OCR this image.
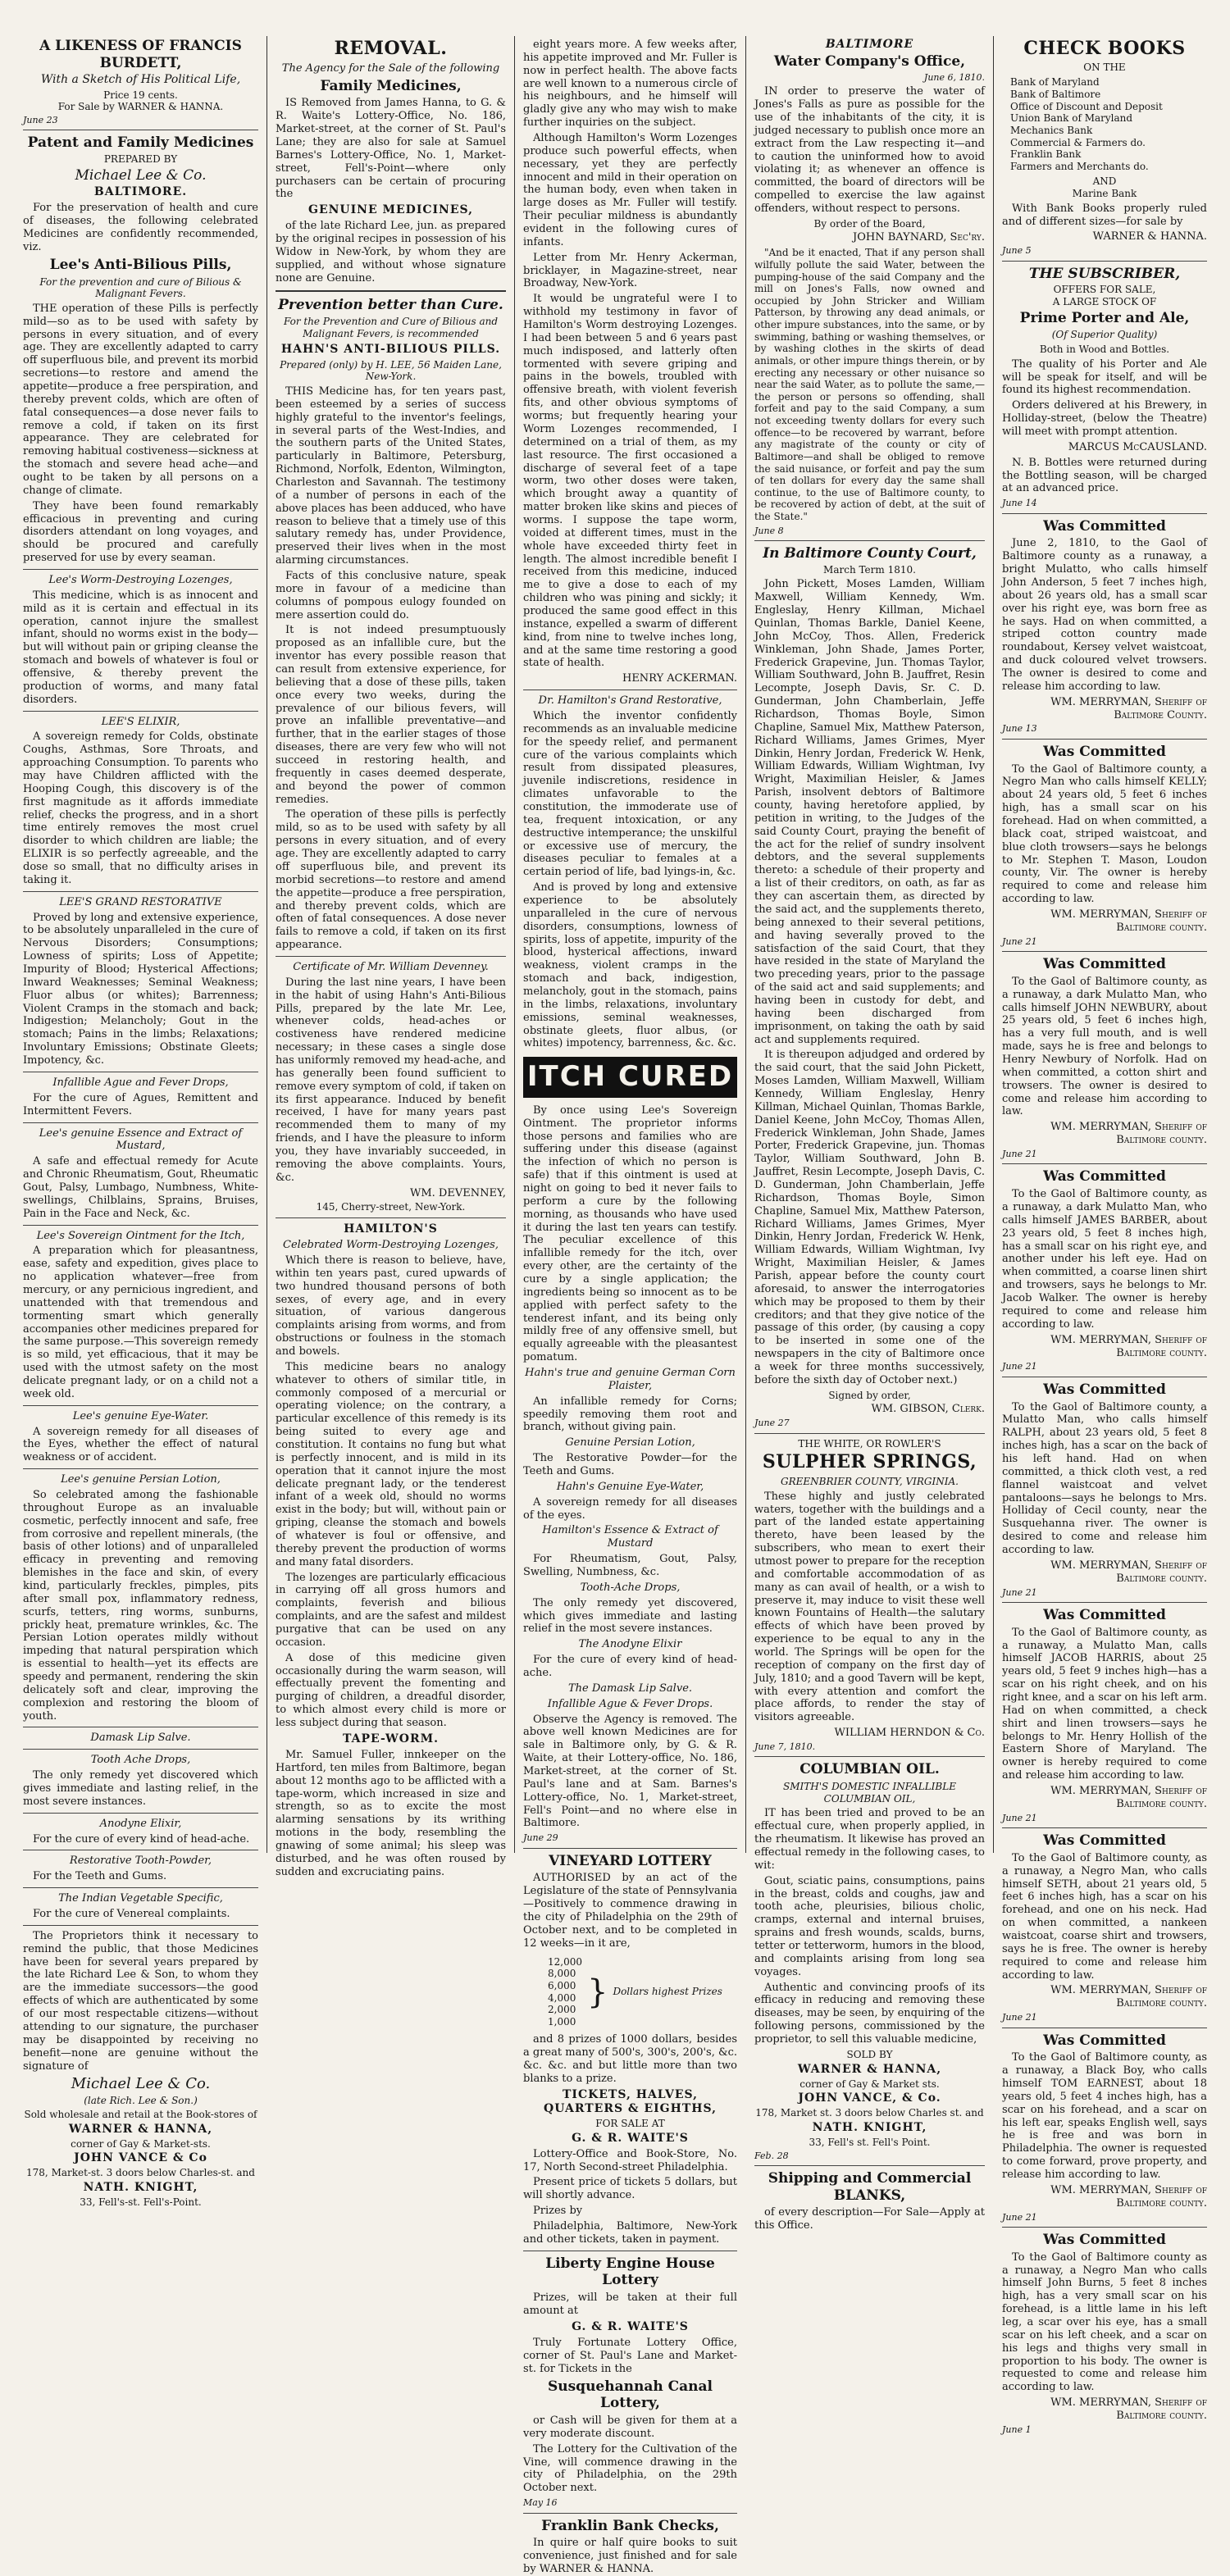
A LIKENESS OF FRANCIS BURDETT,
With a Sketch of His Political Life,
Price 19 cents.
For Sale by WARNER & HANNA.
June 23
Patent and Family Medicines
PREPARED BY
Michael Lee & Co.
BALTIMORE.

For the preservation of health and cure of diseases, the following celebrated Medicines are confidently recommended, viz.

Lee's Anti-Bilious Pills,
For the prevention and cure of Bilious & Malignant Fevers.

THE operation of these Pills is perfectly mild—so as to be used with safety by persons in every situation, and of every age. They are excellently adapted to carry off superfluous bile, and prevent its morbid secretions—to restore and amend the appetite—produce a free perspiration, and thereby prevent colds, which are often of fatal consequences—a dose never fails to remove a cold, if taken on its first appearance. They are celebrated for removing habitual costiveness—sickness at the stomach and severe head ache—and ought to be taken by all persons on a change of climate.

They have been found remarkably efficacious in preventing and curing disorders attendant on long voyages, and should be procured and carefully preserved for use by every seaman.

Lee's Worm-Destroying Lozenges,

This medicine, which is as innocent and mild as it is certain and effectual in its operation, cannot injure the smallest infant, should no worms exist in the body—but will without pain or griping cleanse the stomach and bowels of whatever is foul or offensive, & thereby prevent the production of worms, and many fatal disorders.

LEE'S ELIXIR,

A sovereign remedy for Colds, obstinate Coughs, Asthmas, Sore Throats, and approaching Consumption. To parents who may have Children afflicted with the Hooping Cough, this discovery is of the first magnitude as it affords immediate relief, checks the progress, and in a short time entirely removes the most cruel disorder to which children are liable; the ELIXIR is so perfectly agreeable, and the dose so small, that no difficulty arises in taking it.

LEE'S GRAND RESTORATIVE

Proved by long and extensive experience, to be absolutely unparalleled in the cure of Nervous Disorders; Consumptions; Lowness of spirits; Loss of Appetite; Impurity of Blood; Hysterical Affections; Inward Weaknesses; Seminal Weakness; Fluor albus (or whites); Barrenness; Violent Cramps in the stomach and back; Indigestion; Melancholy; Gout in the stomach; Pains in the limbs; Relaxations; Involuntary Emissions; Obstinate Gleets; Impotency, &c.

Infallible Ague and Fever Drops,

For the cure of Agues, Remittent and Intermittent Fevers.

Lee's genuine Essence and Extract of Mustard,

A safe and effectual remedy for Acute and Chronic Rheumatism, Gout, Rheumatic Gout, Palsy, Lumbago, Numbness, White-swellings, Chilblains, Sprains, Bruises, Pain in the Face and Neck, &c.

Lee's Sovereign Ointment for the Itch,

A preparation which for pleasantness, ease, safety and expedition, gives place to no application whatever—free from mercury, or any pernicious ingredient, and unattended with that tremendous and tormenting smart which generally accompanies other medicines prepared for the same purpose.—This sovereign remedy is so mild, yet efficacious, that it may be used with the utmost safety on the most delicate pregnant lady, or on a child not a week old.

Lee's genuine Eye-Water.

A sovereign remedy for all diseases of the Eyes, whether the effect of natural weakness or of accident.

Lee's genuine Persian Lotion,

So celebrated among the fashionable throughout Europe as an invaluable cosmetic, perfectly innocent and safe, free from corrosive and repellent minerals, (the basis of other lotions) and of unparalleled efficacy in preventing and removing blemishes in the face and skin, of every kind, particularly freckles, pimples, pits after small pox, inflammatory redness, scurfs, tetters, ring worms, sunburns, prickly heat, premature wrinkles, &c. The Persian Lotion operates mildly without impeding that natural perspiration which is essential to health—yet its effects are speedy and permanent, rendering the skin delicately soft and clear, improving the complexion and restoring the bloom of youth.

Damask Lip Salve.
Tooth Ache Drops,

The only remedy yet discovered which gives immediate and lasting relief, in the most severe instances.

Anodyne Elixir,

For the cure of every kind of head-ache.

Restorative Tooth-Powder,

For the Teeth and Gums.

The Indian Vegetable Specific,

For the cure of Venereal complaints.

The Proprietors think it necessary to remind the public, that those Medicines have been for several years prepared by the late Richard Lee & Son, to whom they are the immediate successors—the good effects of which are authenticated by some of our most respectable citizens—without attending to our signature, the purchaser may be disappointed by receiving no benefit—none are genuine without the signature of

Michael Lee & Co.
(late Rich. Lee & Son.)
Sold wholesale and retail at the Book-stores of
WARNER & HANNA,
corner of Gay & Market-sts.
JOHN VANCE & Co
178, Market-st. 3 doors below Charles-st. and
NATH. KNIGHT,
33, Fell's-st. Fell's-Point.
REMOVAL.
The Agency for the Sale of the following
Family Medicines,

IS Removed from James Hanna, to G. & R. Waite's Lottery-Office, No. 186, Market-street, at the corner of St. Paul's Lane; they are also for sale at Samuel Barnes's Lottery-Office, No. 1, Market-street, Fell's-Point—where only purchasers can be certain of procuring the

GENUINE MEDICINES,

of the late Richard Lee, jun. as prepared by the original recipes in possession of his Widow in New-York, by whom they are supplied, and without whose signature none are Genuine.

Prevention better than Cure.
For the Prevention and Cure of Bilious and Malignant Fevers, is recommended
HAHN'S ANTI-BILIOUS PILLS.
Prepared (only) by H. LEE, 56 Maiden Lane, New-York.

THIS Medicine has, for ten years past, been esteemed by a series of success highly grateful to the inventor's feelings, in several parts of the West-Indies, and the southern parts of the United States, particularly in Baltimore, Petersburg, Richmond, Norfolk, Edenton, Wilmington, Charleston and Savannah. The testimony of a number of persons in each of the above places has been adduced, who have reason to believe that a timely use of this salutary remedy has, under Providence, preserved their lives when in the most alarming circumstances.

Facts of this conclusive nature, speak more in favour of a medicine than columns of pompous eulogy founded on mere assertion could do.

It is not indeed presumptuously proposed as an infallible cure, but the inventor has every possible reason that can result from extensive experience, for believing that a dose of these pills, taken once every two weeks, during the prevalence of our bilious fevers, will prove an infallible preventative—and further, that in the earlier stages of those diseases, there are very few who will not succeed in restoring health, and frequently in cases deemed desperate, and beyond the power of common remedies.

The operation of these pills is perfectly mild, so as to be used with safety by all persons in every situation, and of every age. They are excellently adapted to carry off superfluous bile, and prevent its morbid secretions—to restore and amend the appetite—produce a free perspiration, and thereby prevent colds, which are often of fatal consequences. A dose never fails to remove a cold, if taken on its first appearance.

Certificate of Mr. William Devenney.

During the last nine years, I have been in the habit of using Hahn's Anti-Bilious Pills, prepared by the late Mr. Lee, whenever colds, head-aches or costiveness have rendered medicine necessary; in these cases a single dose has uniformly removed my head-ache, and has generally been found sufficient to remove every symptom of cold, if taken on its first appearance. Induced by benefit received, I have for many years past recommended them to many of my friends, and I have the pleasure to inform you, they have invariably succeeded, in removing the above complaints. Yours, &c.

WM. DEVENNEY,
145, Cherry-street, New-York.
HAMILTON'S
Celebrated Worm-Destroying Lozenges,

Which there is reason to believe, have, within ten years past, cured upwards of two hundred thousand persons of both sexes, of every age, and in every situation, of various dangerous complaints arising from worms, and from obstructions or foulness in the stomach and bowels.

This medicine bears no analogy whatever to others of similar title, in commonly composed of a mercurial or operating violence; on the contrary, a particular excellence of this remedy is its being suited to every age and constitution. It contains no fung but what is perfectly innocent, and is mild in its operation that it cannot injure the most delicate pregnant lady, or the tenderest infant of a week old, should no worms exist in the body; but will, without pain or griping, cleanse the stomach and bowels of whatever is foul or offensive, and thereby prevent the production of worms and many fatal disorders.

The lozenges are particularly efficacious in carrying off all gross humors and complaints, feverish and bilious complaints, and are the safest and mildest purgative that can be used on any occasion.

A dose of this medicine given occasionally during the warm season, will effectually prevent the fomenting and purging of children, a dreadful disorder, to which almost every child is more or less subject during that season.

TAPE-WORM.

Mr. Samuel Fuller, innkeeper on the Hartford, ten miles from Baltimore, began about 12 months ago to be afflicted with a tape-worm, which increased in size and strength, so as to excite the most alarming sensations by its writhing motions in the body, resembling the gnawing of some animal; his sleep was disturbed, and he was often roused by sudden and excruciating pains.

eight years more. A few weeks after, his appetite improved and Mr. Fuller is now in perfect health. The above facts are well known to a numerous circle of his neighbours, and he himself will gladly give any who may wish to make further inquiries on the subject.

Although Hamilton's Worm Lozenges produce such powerful effects, when necessary, yet they are perfectly innocent and mild in their operation on the human body, even when taken in large doses as Mr. Fuller will testify. Their peculiar mildness is abundantly evident in the following cures of infants.

Letter from Mr. Henry Ackerman, bricklayer, in Magazine-street, near Broadway, New-York.

It would be ungrateful were I to withhold my testimony in favor of Hamilton's Worm destroying Lozenges. I had been between 5 and 6 years past much indisposed, and latterly often tormented with severe griping and pains in the bowels, troubled with offensive breath, with violent feverish fits, and other obvious symptoms of worms; but frequently hearing your Worm Lozenges recommended, I determined on a trial of them, as my last resource. The first occasioned a discharge of several feet of a tape worm, two other doses were taken, which brought away a quantity of matter broken like skins and pieces of worms. I suppose the tape worm, voided at different times, must in the whole have exceeded thirty feet in length. The almost incredible benefit I received from this medicine, induced me to give a dose to each of my children who was pining and sickly; it produced the same good effect in this instance, expelled a swarm of different kind, from nine to twelve inches long, and at the same time restoring a good state of health.

HENRY ACKERMAN.
Dr. Hamilton's Grand Restorative,

Which the inventor confidently recommends as an invaluable medicine for the speedy relief, and permanent cure of the various complaints which result from dissipated pleasures, juvenile indiscretions, residence in climates unfavorable to the constitution, the immoderate use of tea, frequent intoxication, or any destructive intemperance; the unskilful or excessive use of mercury, the diseases peculiar to females at a certain period of life, bad lyings-in, &c.

And is proved by long and extensive experience to be absolutely unparalleled in the cure of nervous disorders, consumptions, lowness of spirits, loss of appetite, impurity of the blood, hysterical affections, inward weakness, violent cramps in the stomach and back, indigestion, melancholy, gout in the stomach, pains in the limbs, relaxations, involuntary emissions, seminal weaknesses, obstinate gleets, fluor albus, (or whites) impotency, barrenness, &c. &c.

ITCH CURED

By once using Lee's Sovereign Ointment. The proprietor informs those persons and families who are suffering under this disease (against the infection of which no person is safe) that if this ointment is used at night on going to bed it never fails to perform a cure by the following morning, as thousands who have used it during the last ten years can testify. The peculiar excellence of this infallible remedy for the itch, over every other, are the certainty of the cure by a single application; the ingredients being so innocent as to be applied with perfect safety to the tenderest infant, and its being only mildly free of any offensive smell, but equally agreeable with the pleasantest pomatum.

Hahn's true and genuine German Corn Plaister,

An infallible remedy for Corns; speedily removing them root and branch, without giving pain.

Genuine Persian Lotion,

The Restorative Powder—for the Teeth and Gums.

Hahn's Genuine Eye-Water,

A sovereign remedy for all diseases of the eyes.

Hamilton's Essence & Extract of Mustard

For Rheumatism, Gout, Palsy, Swelling, Numbness, &c.

Tooth-Ache Drops,

The only remedy yet discovered, which gives immediate and lasting relief in the most severe instances.

The Anodyne Elixir

For the cure of every kind of head-ache.

The Damask Lip Salve.
Infallible Ague & Fever Drops.

Observe the Agency is removed. The above well known Medicines are for sale in Baltimore only, by G. & R. Waite, at their Lottery-office, No. 186, Market-street, at the corner of St. Paul's lane and at Sam. Barnes's Lottery-office, No. 1, Market-street, Fell's Point—and no where else in Baltimore.

June 29
VINEYARD LOTTERY

AUTHORISED by an act of the Legislature of the state of Pennsylvania—Positively to commence drawing in the city of Philadelphia on the 29th of October next, and to be completed in 12 weeks—in it are,

12,000
8,000
6,000
4,000
2,000
1,000
} Dollars highest Prizes

and 8 prizes of 1000 dollars, besides a great many of 500's, 300's, 200's, &c. &c. &c. and but little more than two blanks to a prize.

TICKETS, HALVES, QUARTERS & EIGHTHS,
FOR SALE AT
G. & R. WAITE'S

Lottery-Office and Book-Store, No. 17, North Second-street Philadelphia.

Present price of tickets 5 dollars, but will shortly advance.

Prizes by

Philadelphia, Baltimore, New-York and other tickets, taken in payment.

Liberty Engine House Lottery

Prizes, will be taken at their full amount at

G. & R. WAITE'S

Truly Fortunate Lottery Office, corner of St. Paul's Lane and Market-st. for Tickets in the

Susquehannah Canal Lottery,

or Cash will be given for them at a very moderate discount.

The Lottery for the Cultivation of the Vine, will commence drawing in the city of Philadelphia, on the 29th October next.

May 16
Franklin Bank Checks,

In quire or half quire books to suit convenience, just finished and for sale by WARNER & HANNA.

BALTIMORE
Water Company's Office,
June 6, 1810.

IN order to preserve the water of Jones's Falls as pure as possible for the use of the inhabitants of the city, it is judged necessary to publish once more an extract from the Law respecting it—and to caution the uninformed how to avoid violating it; as whenever an offence is committed, the board of directors will be compelled to exercise the law against offenders, without respect to persons.

By order of the Board,
JOHN BAYNARD, Sec'ry.

"And be it enacted, That if any person shall wilfully pollute the said Water, between the pumping-house of the said Company and the mill on Jones's Falls, now owned and occupied by John Stricker and William Patterson, by throwing any dead animals, or other impure substances, into the same, or by swimming, bathing or washing themselves, or by washing clothes in the skirts of dead animals, or other impure things therein, or by erecting any necessary or other nuisance so near the said Water, as to pollute the same,—the person or persons so offending, shall forfeit and pay to the said Company, a sum not exceeding twenty dollars for every such offence—to be recovered by warrant, before any magistrate of the county or city of Baltimore—and shall be obliged to remove the said nuisance, or forfeit and pay the sum of ten dollars for every day the same shall continue, to the use of Baltimore county, to be recovered by action of debt, at the suit of the State."

June 8
In Baltimore County Court,
March Term 1810.

John Pickett, Moses Lamden, William Maxwell, William Kennedy, Wm. Engleslay, Henry Killman, Michael Quinlan, Thomas Barkle, Daniel Keene, John McCoy, Thos. Allen, Frederick Winkleman, John Shade, James Porter, Frederick Grapevine, Jun. Thomas Taylor, William Southward, John B. Jauffret, Resin Lecompte, Joseph Davis, Sr. C. D. Gunderman, John Chamberlain, Jeffe Richardson, Thomas Boyle, Simon Chapline, Samuel Mix, Matthew Paterson, Richard Williams, James Grimes, Myer Dinkin, Henry Jordan, Frederick W. Henk, William Edwards, William Wightman, Ivy Wright, Maximilian Heisler, & James Parish, insolvent debtors of Baltimore county, having heretofore applied, by petition in writing, to the Judges of the said County Court, praying the benefit of the act for the relief of sundry insolvent debtors, and the several supplements thereto: a schedule of their property and a list of their creditors, on oath, as far as they can ascertain them, as directed by the said act, and the supplements thereto, being annexed to their several petitions, and having severally proved to the satisfaction of the said Court, that they have resided in the state of Maryland the two preceding years, prior to the passage of the said act and said supplements; and having been in custody for debt, and having been discharged from imprisonment, on taking the oath by said act and supplements required.

It is thereupon adjudged and ordered by the said court, that the said John Pickett, Moses Lamden, William Maxwell, William Kennedy, William Engleslay, Henry Killman, Michael Quinlan, Thomas Barkle, Daniel Keene, John McCoy, Thomas Allen, Frederick Winkleman, John Shade, James Porter, Frederick Grapevine, jun. Thomas Taylor, William Southward, John B. Jauffret, Resin Lecompte, Joseph Davis, C. D. Gunderman, John Chamberlain, Jeffe Richardson, Thomas Boyle, Simon Chapline, Samuel Mix, Matthew Paterson, Richard Williams, James Grimes, Myer Dinkin, Henry Jordan, Frederick W. Henk, William Edwards, William Wightman, Ivy Wright, Maximilian Heisler, & James Parish, appear before the county court aforesaid, to answer the interrogatories which may be proposed to them by their creditors; and that they give notice of the passage of this order, (by causing a copy to be inserted in some one of the newspapers in the city of Baltimore once a week for three months successively, before the sixth day of October next.)

Signed by order,
WM. GIBSON, Clerk.
June 27
THE WHITE, OR ROWLER'S
SULPHER SPRINGS,
GREENBRIER COUNTY, VIRGINIA.

These highly and justly celebrated waters, together with the buildings and a part of the landed estate appertaining thereto, have been leased by the subscribers, who mean to exert their utmost power to prepare for the reception and comfortable accommodation of as many as can avail of health, or a wish to preserve it, may induce to visit these well known Fountains of Health—the salutary effects of which have been proved by experience to be equal to any in the world. The Springs will be open for the reception of company on the first day of July, 1810; and a good Tavern will be kept, with every attention and comfort the place affords, to render the stay of visitors agreeable.

WILLIAM HERNDON & Co.
June 7, 1810.
COLUMBIAN OIL.
SMITH'S DOMESTIC INFALLIBLE COLUMBIAN OIL,

IT has been tried and proved to be an effectual cure, when properly applied, in the rheumatism. It likewise has proved an effectual remedy in the following cases, to wit:

Gout, sciatic pains, consumptions, pains in the breast, colds and coughs, jaw and tooth ache, pleurisies, bilious cholic, cramps, external and internal bruises, sprains and fresh wounds, scalds, burns, tetter or tetterworm, humors in the blood, and complaints arising from long sea voyages.

Authentic and convincing proofs of its efficacy in reducing and removing these diseases, may be seen, by enquiring of the following persons, commissioned by the proprietor, to sell this valuable medicine,

SOLD BY
WARNER & HANNA,
corner of Gay & Market sts.
JOHN VANCE, & Co.
178, Market st. 3 doors below Charles st. and
NATH. KNIGHT,
33, Fell's st. Fell's Point.
Feb. 28
Shipping and Commercial BLANKS,

of every description—For Sale—Apply at this Office.

CHECK BOOKS
ON THE
Bank of Maryland
Bank of Baltimore
Office of Discount and Deposit
Union Bank of Maryland
Mechanics Bank
Commercial & Farmers do.
Franklin Bank
Farmers and Merchants do.
AND
Marine Bank

With Bank Books properly ruled and of different sizes—for sale by

WARNER & HANNA.
June 5
THE SUBSCRIBER,
OFFERS FOR SALE,
A LARGE STOCK OF
Prime Porter and Ale,
(Of Superior Quality)
Both in Wood and Bottles.

The quality of his Porter and Ale will be speak for itself, and will be found its highest recommendation.

Orders delivered at his Brewery, in Holliday-street, (below the Theatre) will meet with prompt attention.

MARCUS McCAUSLAND.

N. B. Bottles were returned during the Bottling season, will be charged at an advanced price.

June 14
Was Committed

June 2, 1810, to the Gaol of Baltimore county as a runaway, a bright Mulatto, who calls himself John Anderson, 5 feet 7 inches high, about 26 years old, has a small scar over his right eye, was born free as he says. Had on when committed, a striped cotton country made roundabout, Kersey velvet waistcoat, and duck coloured velvet trowsers. The owner is desired to come and release him according to law.

WM. MERRYMAN, Sheriff of Baltimore County.
June 13
Was Committed

To the Gaol of Baltimore county, a Negro Man who calls himself KELLY; about 24 years old, 5 feet 6 inches high, has a small scar on his forehead. Had on when committed, a black coat, striped waistcoat, and blue cloth trowsers—says he belongs to Mr. Stephen T. Mason, Loudon county, Vir. The owner is hereby required to come and release him according to law.

WM. MERRYMAN, Sheriff of Baltimore county.
June 21
Was Committed

To the Gaol of Baltimore county, as a runaway, a dark Mulatto Man, who calls himself JOHN NEWBURY, about 25 years old, 5 feet 6 inches high, has a very full mouth, and is well made, says he is free and belongs to Henry Newbury of Norfolk. Had on when committed, a cotton shirt and trowsers. The owner is desired to come and release him according to law.

WM. MERRYMAN, Sheriff of Baltimore county.
June 21
Was Committed

To the Gaol of Baltimore county, as a runaway, a dark Mulatto Man, who calls himself JAMES BARBER, about 23 years old, 5 feet 8 inches high, has a small scar on his right eye, and another under his left eye. Had on when committed, a coarse linen shirt and trowsers, says he belongs to Mr. Jacob Walker. The owner is hereby required to come and release him according to law.

WM. MERRYMAN, Sheriff of Baltimore county.
June 21
Was Committed

To the Gaol of Baltimore county, a Mulatto Man, who calls himself RALPH, about 23 years old, 5 feet 8 inches high, has a scar on the back of his left hand. Had on when committed, a thick cloth vest, a red flannel waistcoat and velvet pantaloons—says he belongs to Mrs. Holliday of Cecil county, near the Susquehanna river. The owner is desired to come and release him according to law.

WM. MERRYMAN, Sheriff of Baltimore county.
June 21
Was Committed

To the Gaol of Baltimore county, as a runaway, a Mulatto Man, calls himself JACOB HARRIS, about 25 years old, 5 feet 9 inches high—has a scar on his right cheek, and on his right knee, and a scar on his left arm. Had on when committed, a check shirt and linen trowsers—says he belongs to Mr. Henry Hollish of the Eastern Shore of Maryland. The owner is hereby required to come and release him according to law.

WM. MERRYMAN, Sheriff of Baltimore county.
June 21
Was Committed

To the Gaol of Baltimore county, as a runaway, a Negro Man, who calls himself SETH, about 21 years old, 5 feet 6 inches high, has a scar on his forehead, and one on his neck. Had on when committed, a nankeen waistcoat, coarse shirt and trowsers, says he is free. The owner is hereby required to come and release him according to law.

WM. MERRYMAN, Sheriff of Baltimore county.
June 21
Was Committed

To the Gaol of Baltimore county, as a runaway, a Black Boy, who calls himself TOM EARNEST, about 18 years old, 5 feet 4 inches high, has a scar on his forehead, and a scar on his left ear, speaks English well, says he is free and was born in Philadelphia. The owner is requested to come forward, prove property, and release him according to law.

WM. MERRYMAN, Sheriff of Baltimore county.
June 21
Was Committed

To the Gaol of Baltimore county as a runaway, a Negro Man who calls himself John Burns, 5 feet 8 inches high, has a very small scar on his forehead, is a little lame in his left leg, a scar over his eye, has a small scar on his left cheek, and a scar on his legs and thighs very small in proportion to his body. The owner is requested to come and release him according to law.

WM. MERRYMAN, Sheriff of Baltimore county.
June 1
